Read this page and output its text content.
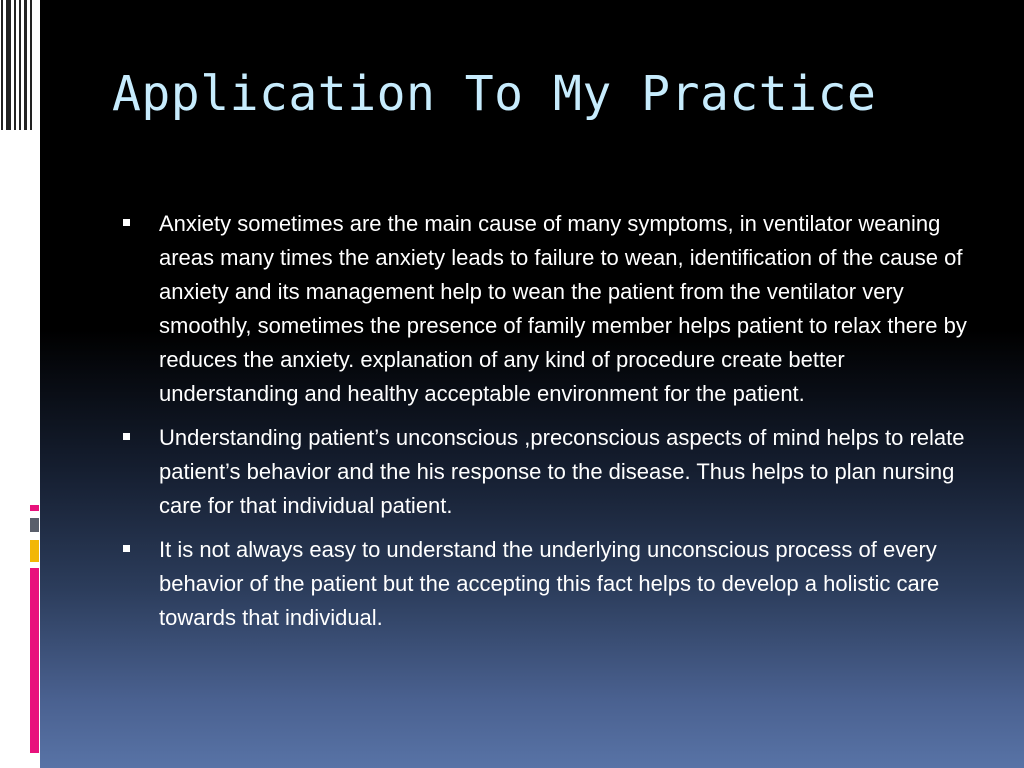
Application To My Practice
Anxiety sometimes are the main cause of many symptoms, in ventilator weaning areas many times the anxiety leads to failure to wean, identification of the cause of anxiety and its management help to wean the patient from the ventilator very smoothly, sometimes the presence of family member helps patient to relax there by reduces the anxiety. explanation of any kind of procedure create better understanding and healthy acceptable environment for the patient.
Understanding patient’s unconscious ,preconscious aspects of mind helps to relate patient’s behavior and the his response to the disease. Thus helps to plan nursing care for that individual patient.
It is not always easy to understand the underlying unconscious process of every behavior of the patient but the accepting this fact helps to develop a holistic care towards that individual.
